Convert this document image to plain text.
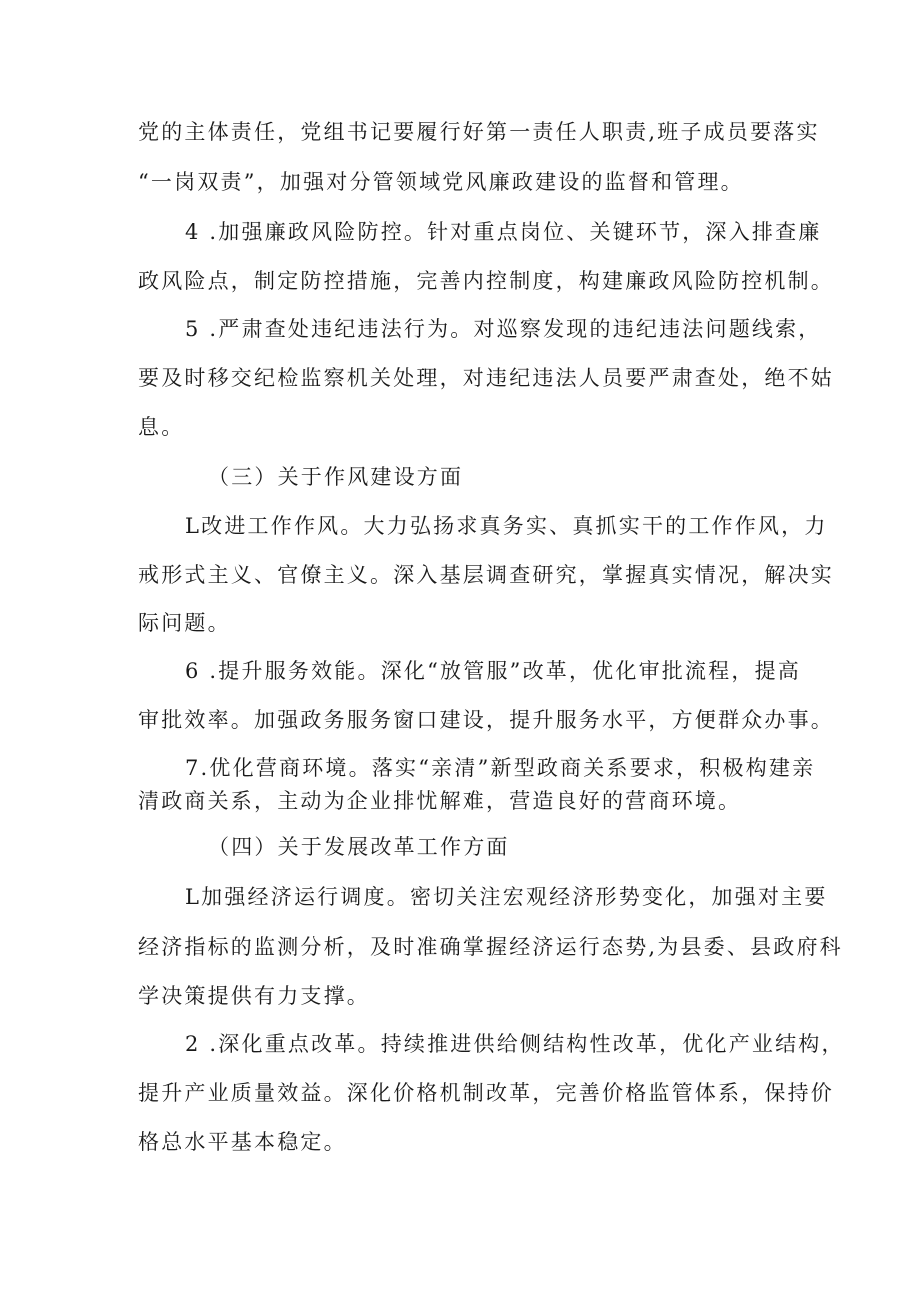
党的主体责任，党组书记要履行好第一责任人职责,班子成员要落实
“一岗双责”，加强对分管领域党风廉政建设的监督和管理。
4 .加强廉政风险防控。针对重点岗位、关键环节，深入排查廉
政风险点，制定防控措施，完善内控制度，构建廉政风险防控机制。
5 .严肃查处违纪违法行为。对巡察发现的违纪违法问题线索，
要及时移交纪检监察机关处理，对违纪违法人员要严肃查处，绝不姑
息。
（三）关于作风建设方面
L改进工作作风。大力弘扬求真务实、真抓实干的工作作风，力
戒形式主义、官僚主义。深入基层调查研究，掌握真实情况，解决实
际问题。
6 .提升服务效能。深化“放管服”改革，优化审批流程，提高
审批效率。加强政务服务窗口建设，提升服务水平，方便群众办事。
7.优化营商环境。落实“亲清”新型政商关系要求，积极构建亲
清政商关系，主动为企业排忧解难，营造良好的营商环境。
（四）关于发展改革工作方面
L加强经济运行调度。密切关注宏观经济形势变化，加强对主要
经济指标的监测分析，及时准确掌握经济运行态势,为县委、县政府科
学决策提供有力支撑。
2 .深化重点改革。持续推进供给侧结构性改革，优化产业结构，
提升产业质量效益。深化价格机制改革，完善价格监管体系，保持价
格总水平基本稳定。
